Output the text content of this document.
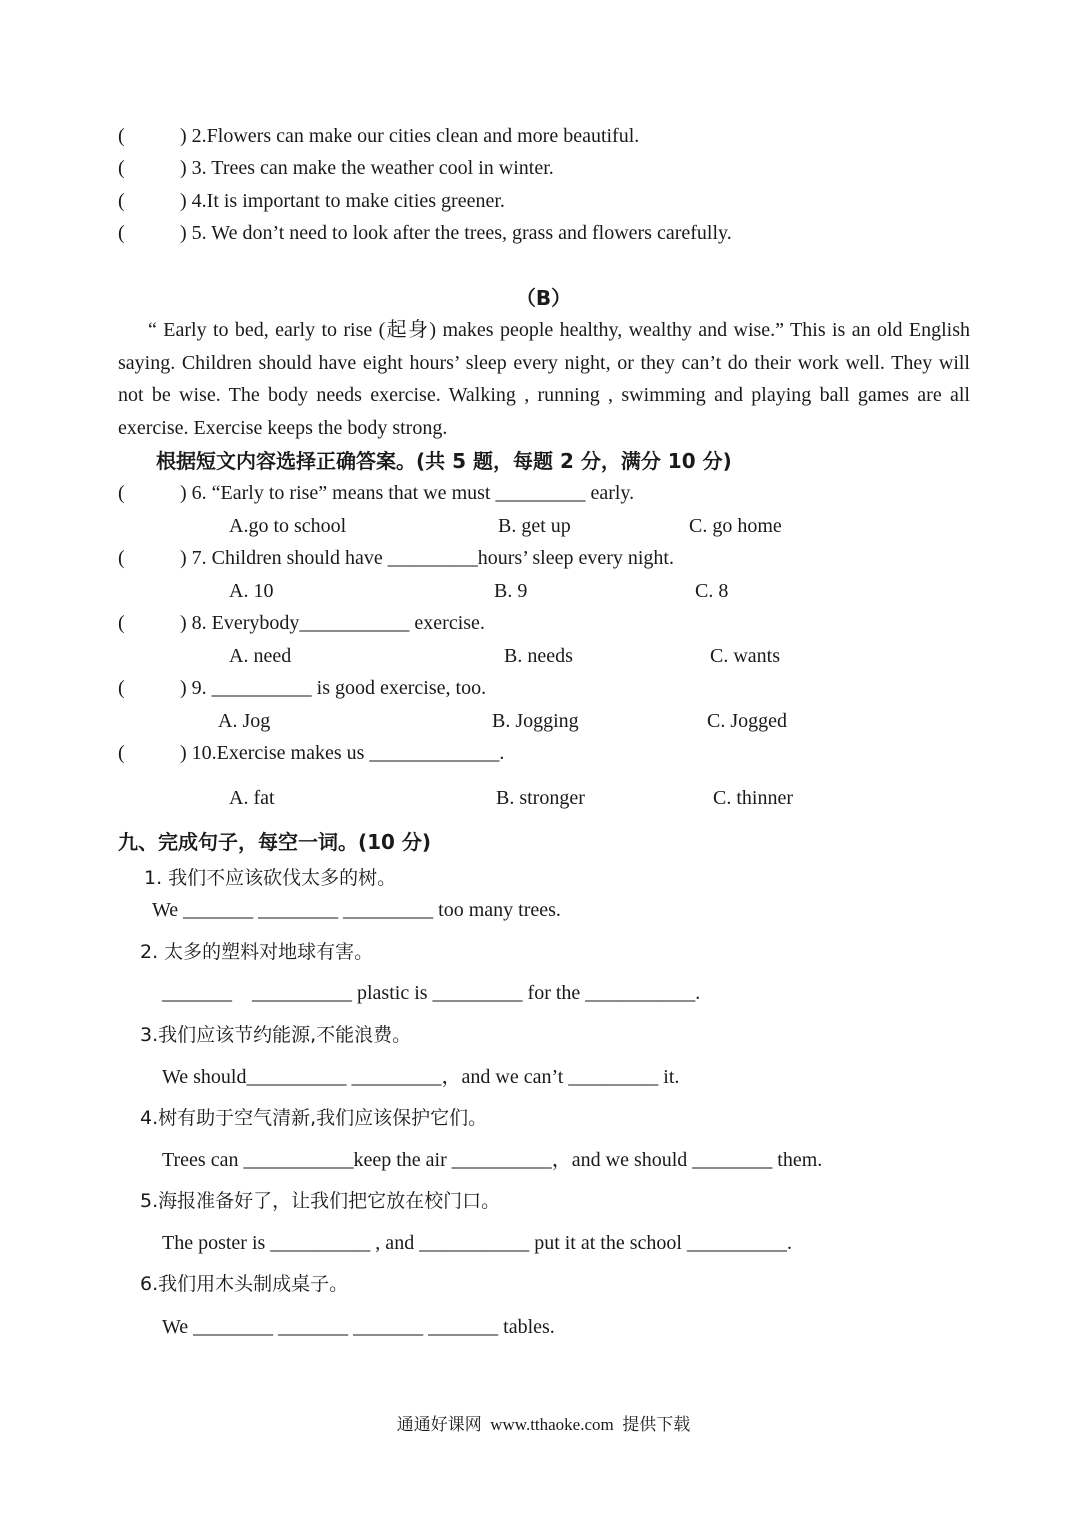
(	) 2.Flowers can make our cities clean and more beautiful.
(	) 3. Trees can make the weather cool in winter.
(	) 4.It is important to make cities greener.
(	) 5. We don’t need to look after the trees, grass and flowers carefully.
（B）
“ Early to bed, early to rise (起身) makes people healthy, wealthy and wise.” This is an old English saying. Children should have eight hours’ sleep every night, or they can’t do their work well. They will not be wise. The body needs exercise. Walking , running , swimming and playing ball games are all exercise. Exercise keeps the body strong.
根据短文内容选择正确答案。(共 5 题，每题 2 分，满分 10 分)
(	) 6. “Early to rise” means that we must _________ early.
A.go to school	B. get up	C. go home
(	) 7. Children should have _________hours’ sleep every night.
A. 10	B. 9	C. 8
(	) 8. Everybody___________ exercise.
A. need	B. needs	C. wants
(	) 9. __________ is good exercise, too.
A. Jog	B. Jogging	C. Jogged
(	) 10.Exercise makes us _____________.
A. fat	B. stronger	C. thinner
九、完成句子，每空一词。(10 分)
1. 我们不应该砍伐太多的树。
We _______ ________ _________ too many trees.
2. 太多的塑料对地球有害。
_______    __________ plastic is _________ for the ___________.
3.我们应该节约能源,不能浪费。
We should__________ _________，and we can’t _________ it.
4.树有助于空气清新,我们应该保护它们。
Trees can ___________keep the air __________，and we should ________ them.
5.海报准备好了，让我们把它放在校门口。
The poster is __________ , and ___________ put it at the school __________.
6.我们用木头制成桌子。
We ________ _______ _______ _______ tables.
通通好课网  www.tthaoke.com  提供下载
